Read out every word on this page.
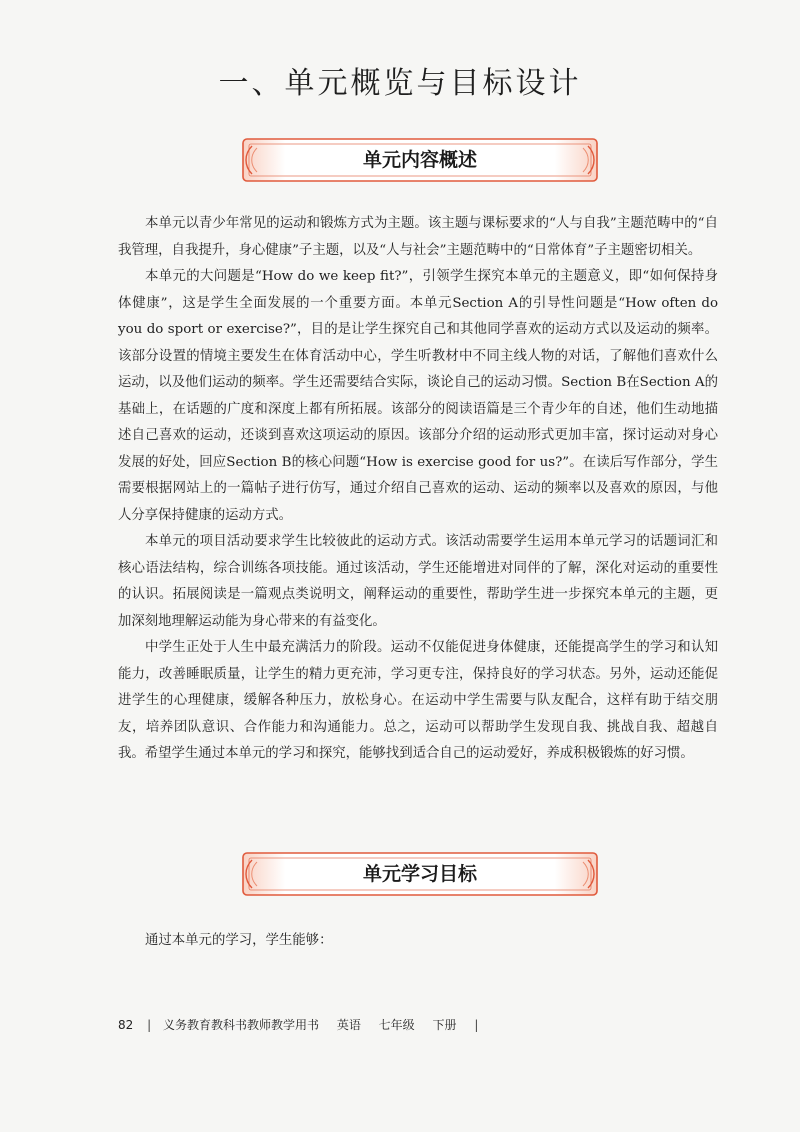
一、单元概览与目标设计
单元内容概述

本单元以青少年常见的运动和锻炼方式为主题。该主题与课标要求的“人与自我”主题范畴中的“自我管理，自我提升，身心健康”子主题，以及“人与社会”主题范畴中的“日常体育”子主题密切相关。

本单元的大问题是“How do we keep fit?”，引领学生探究本单元的主题意义，即“如何保持身体健康”，这是学生全面发展的一个重要方面。本单元Section A的引导性问题是“How often do you do sport or exercise?”，目的是让学生探究自己和其他同学喜欢的运动方式以及运动的频率。该部分设置的情境主要发生在体育活动中心，学生听教材中不同主线人物的对话，了解他们喜欢什么运动，以及他们运动的频率。学生还需要结合实际，谈论自己的运动习惯。Section B在Section A的基础上，在话题的广度和深度上都有所拓展。该部分的阅读语篇是三个青少年的自述，他们生动地描述自己喜欢的运动，还谈到喜欢这项运动的原因。该部分介绍的运动形式更加丰富，探讨运动对身心发展的好处，回应Section B的核心问题“How is exercise good for us?”。在读后写作部分，学生需要根据网站上的一篇帖子进行仿写，通过介绍自己喜欢的运动、运动的频率以及喜欢的原因，与他人分享保持健康的运动方式。

本单元的项目活动要求学生比较彼此的运动方式。该活动需要学生运用本单元学习的话题词汇和核心语法结构，综合训练各项技能。通过该活动，学生还能增进对同伴的了解，深化对运动的重要性的认识。拓展阅读是一篇观点类说明文，阐释运动的重要性，帮助学生进一步探究本单元的主题，更加深刻地理解运动能为身心带来的有益变化。

中学生正处于人生中最充满活力的阶段。运动不仅能促进身体健康，还能提高学生的学习和认知能力，改善睡眠质量，让学生的精力更充沛，学习更专注，保持良好的学习状态。另外，运动还能促进学生的心理健康，缓解各种压力，放松身心。在运动中学生需要与队友配合，这样有助于结交朋友，培养团队意识、合作能力和沟通能力。总之，运动可以帮助学生发现自我、挑战自我、超越自我。希望学生通过本单元的学习和探究，能够找到适合自己的运动爱好，养成积极锻炼的好习惯。

单元学习目标

通过本单元的学习，学生能够：

82 | 义务教育教科书教师教学用书 英语 七年级 下册 |
